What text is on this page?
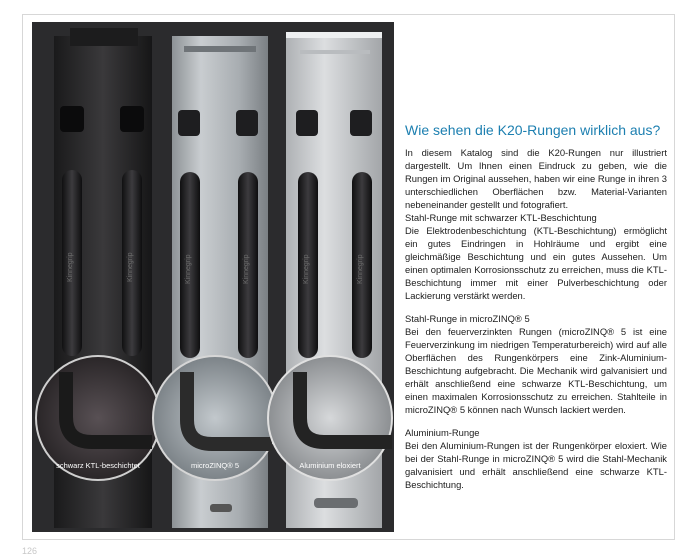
Kinnegrip	Kinnegrip	Kinnegrip	Kinnegrip	Kinnegrip	Kinnegrip
schwarz KTL-beschichtet	microZINQ® 5	Aluminium eloxiert
Wie sehen die K20-Rungen wirklich aus?

In diesem Katalog sind die K20-Rungen nur illustriert dargestellt. Um Ihnen einen Eindruck zu geben, wie die Rungen im Original aussehen, haben wir eine Runge in ihren 3 unterschiedlichen Oberflächen bzw. Material-Varianten nebeneinander gestellt und fotografiert.

Stahl-Runge mit schwarzer KTL-Beschichtung

Die Elektrodenbeschichtung (KTL-Beschichtung) ermöglicht ein gutes Eindringen in Hohlräume und ergibt eine gleichmäßige Beschichtung und ein gutes Aussehen. Um einen optimalen Korrosionsschutz zu erreichen, muss die KTL-Beschichtung immer mit einer Pulverbeschichtung oder Lackierung verstärkt werden.

Stahl-Runge in microZINQ® 5

Bei den feuerverzinkten Rungen (microZINQ® 5 ist eine Feuerverzinkung im niedrigen Temperaturbereich) wird auf alle Oberflächen des Rungenkörpers eine Zink-Aluminium-Beschichtung aufgebracht. Die Mechanik wird galvanisiert und erhält anschließend eine schwarze KTL-Beschichtung, um einen maximalen Korrosionsschutz zu erreichen. Stahlteile in microZINQ® 5 können nach Wunsch lackiert werden.

Aluminium-Runge

Bei den Aluminium-Rungen ist der Rungenkörper eloxiert. Wie bei der Stahl-Runge in microZINQ® 5 wird die Stahl-Mechanik galvanisiert und erhält anschließend eine schwarze KTL-Beschichtung.

126
